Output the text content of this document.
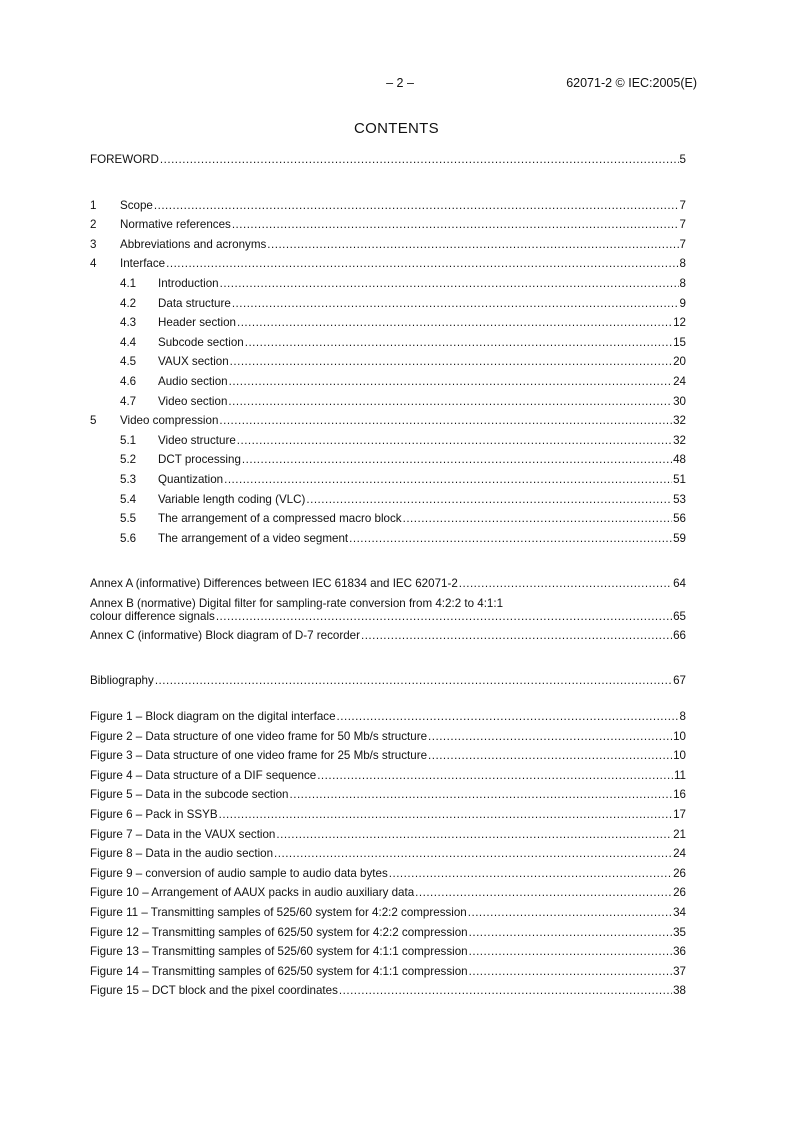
– 2 –	62071-2 © IEC:2005(E)
CONTENTS
FOREWORD .....	5
1	Scope .....	7
2	Normative references .....	7
3	Abbreviations and acronyms .....	7
4	Interface .....	8
4.1	Introduction .....	8
4.2	Data structure .....	9
4.3	Header section .....	12
4.4	Subcode section .....	15
4.5	VAUX section .....	20
4.6	Audio section .....	24
4.7	Video section .....	30
5	Video compression .....	32
5.1	Video structure .....	32
5.2	DCT processing .....	48
5.3	Quantization .....	51
5.4	Variable length coding (VLC) .....	53
5.5	The arrangement of a compressed macro block .....	56
5.6	The arrangement of a video segment .....	59
Annex A (informative) Differences between IEC 61834 and IEC 62071-2 .....	64
Annex B (normative) Digital filter for sampling-rate conversion from 4:2:2 to 4:1:1
colour difference signals .....	65
Annex C (informative) Block diagram of D-7 recorder .....	66
Bibliography .....	67
Figure 1 – Block diagram on the digital interface .....	8
Figure 2 – Data structure of one video frame for 50 Mb/s structure .....	10
Figure 3 – Data structure of one video frame for 25 Mb/s structure .....	10
Figure 4 – Data structure of a DIF sequence .....	11
Figure 5 – Data in the subcode section .....	16
Figure 6 – Pack in SSYB .....	17
Figure 7 – Data in the VAUX section .....	21
Figure 8 – Data in the audio section .....	24
Figure 9 – conversion of audio sample to audio data bytes .....	26
Figure 10 – Arrangement of AAUX packs in audio auxiliary data .....	26
Figure 11 – Transmitting samples of 525/60 system for 4:2:2 compression .....	34
Figure 12 – Transmitting samples of 625/50 system for 4:2:2 compression .....	35
Figure 13 – Transmitting samples of 525/60 system for 4:1:1 compression .....	36
Figure 14 – Transmitting samples of 625/50 system for 4:1:1 compression .....	37
Figure 15 – DCT block and the pixel coordinates .....	38
